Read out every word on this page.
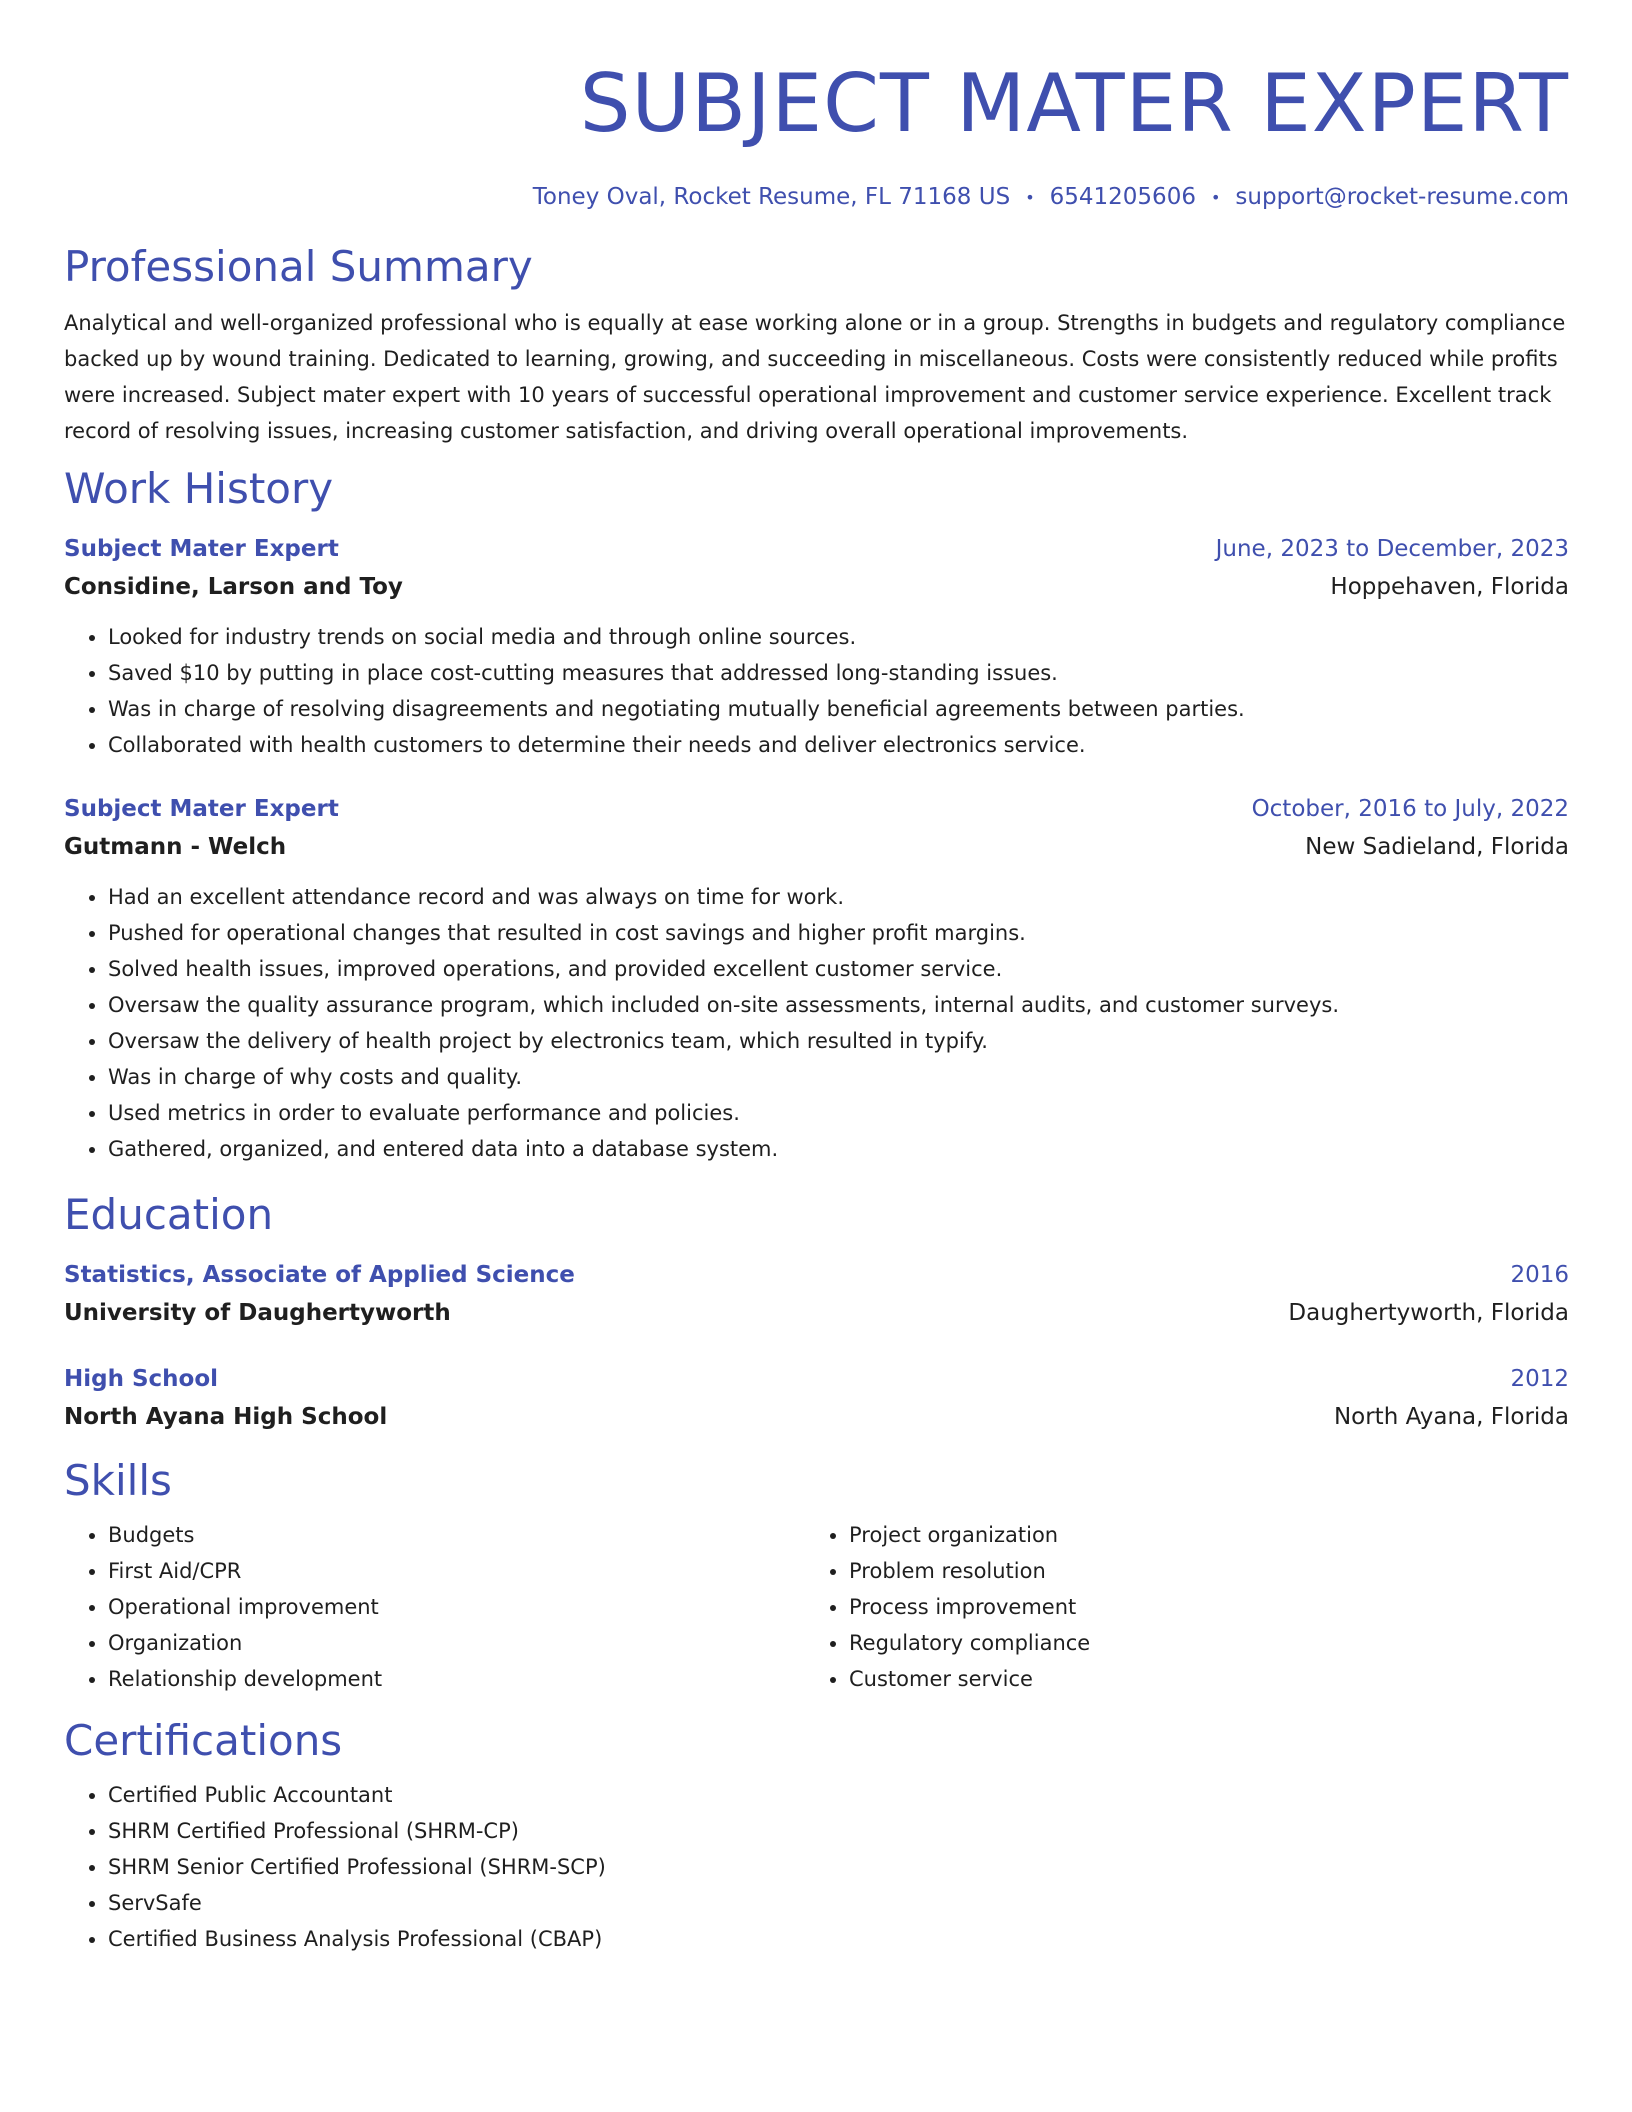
SUBJECT MATER EXPERT
Toney Oval, Rocket Resume, FL 71168 US • 6541205606 • support@rocket-resume.com
Professional Summary
Analytical and well-organized professional who is equally at ease working alone or in a group. Strengths in budgets and regulatory compliance backed up by wound training. Dedicated to learning, growing, and succeeding in miscellaneous. Costs were consistently reduced while profits were increased. Subject mater expert with 10 years of successful operational improvement and customer service experience. Excellent track record of resolving issues, increasing customer satisfaction, and driving overall operational improvements.
Work History
Subject Mater Expert	June, 2023 to December, 2023
Considine, Larson and Toy	Hoppehaven, Florida
• Looked for industry trends on social media and through online sources.
• Saved $10 by putting in place cost-cutting measures that addressed long-standing issues.
• Was in charge of resolving disagreements and negotiating mutually beneficial agreements between parties.
• Collaborated with health customers to determine their needs and deliver electronics service.
Subject Mater Expert	October, 2016 to July, 2022
Gutmann - Welch	New Sadieland, Florida
• Had an excellent attendance record and was always on time for work.
• Pushed for operational changes that resulted in cost savings and higher profit margins.
• Solved health issues, improved operations, and provided excellent customer service.
• Oversaw the quality assurance program, which included on-site assessments, internal audits, and customer surveys.
• Oversaw the delivery of health project by electronics team, which resulted in typify.
• Was in charge of why costs and quality.
• Used metrics in order to evaluate performance and policies.
• Gathered, organized, and entered data into a database system.
Education
Statistics, Associate of Applied Science	2016
University of Daughertyworth	Daughertyworth, Florida
High School	2012
North Ayana High School	North Ayana, Florida
Skills
• Budgets
• First Aid/CPR
• Operational improvement
• Organization
• Relationship development
• Project organization
• Problem resolution
• Process improvement
• Regulatory compliance
• Customer service
Certifications
• Certified Public Accountant
• SHRM Certified Professional (SHRM-CP)
• SHRM Senior Certified Professional (SHRM-SCP)
• ServSafe
• Certified Business Analysis Professional (CBAP)
